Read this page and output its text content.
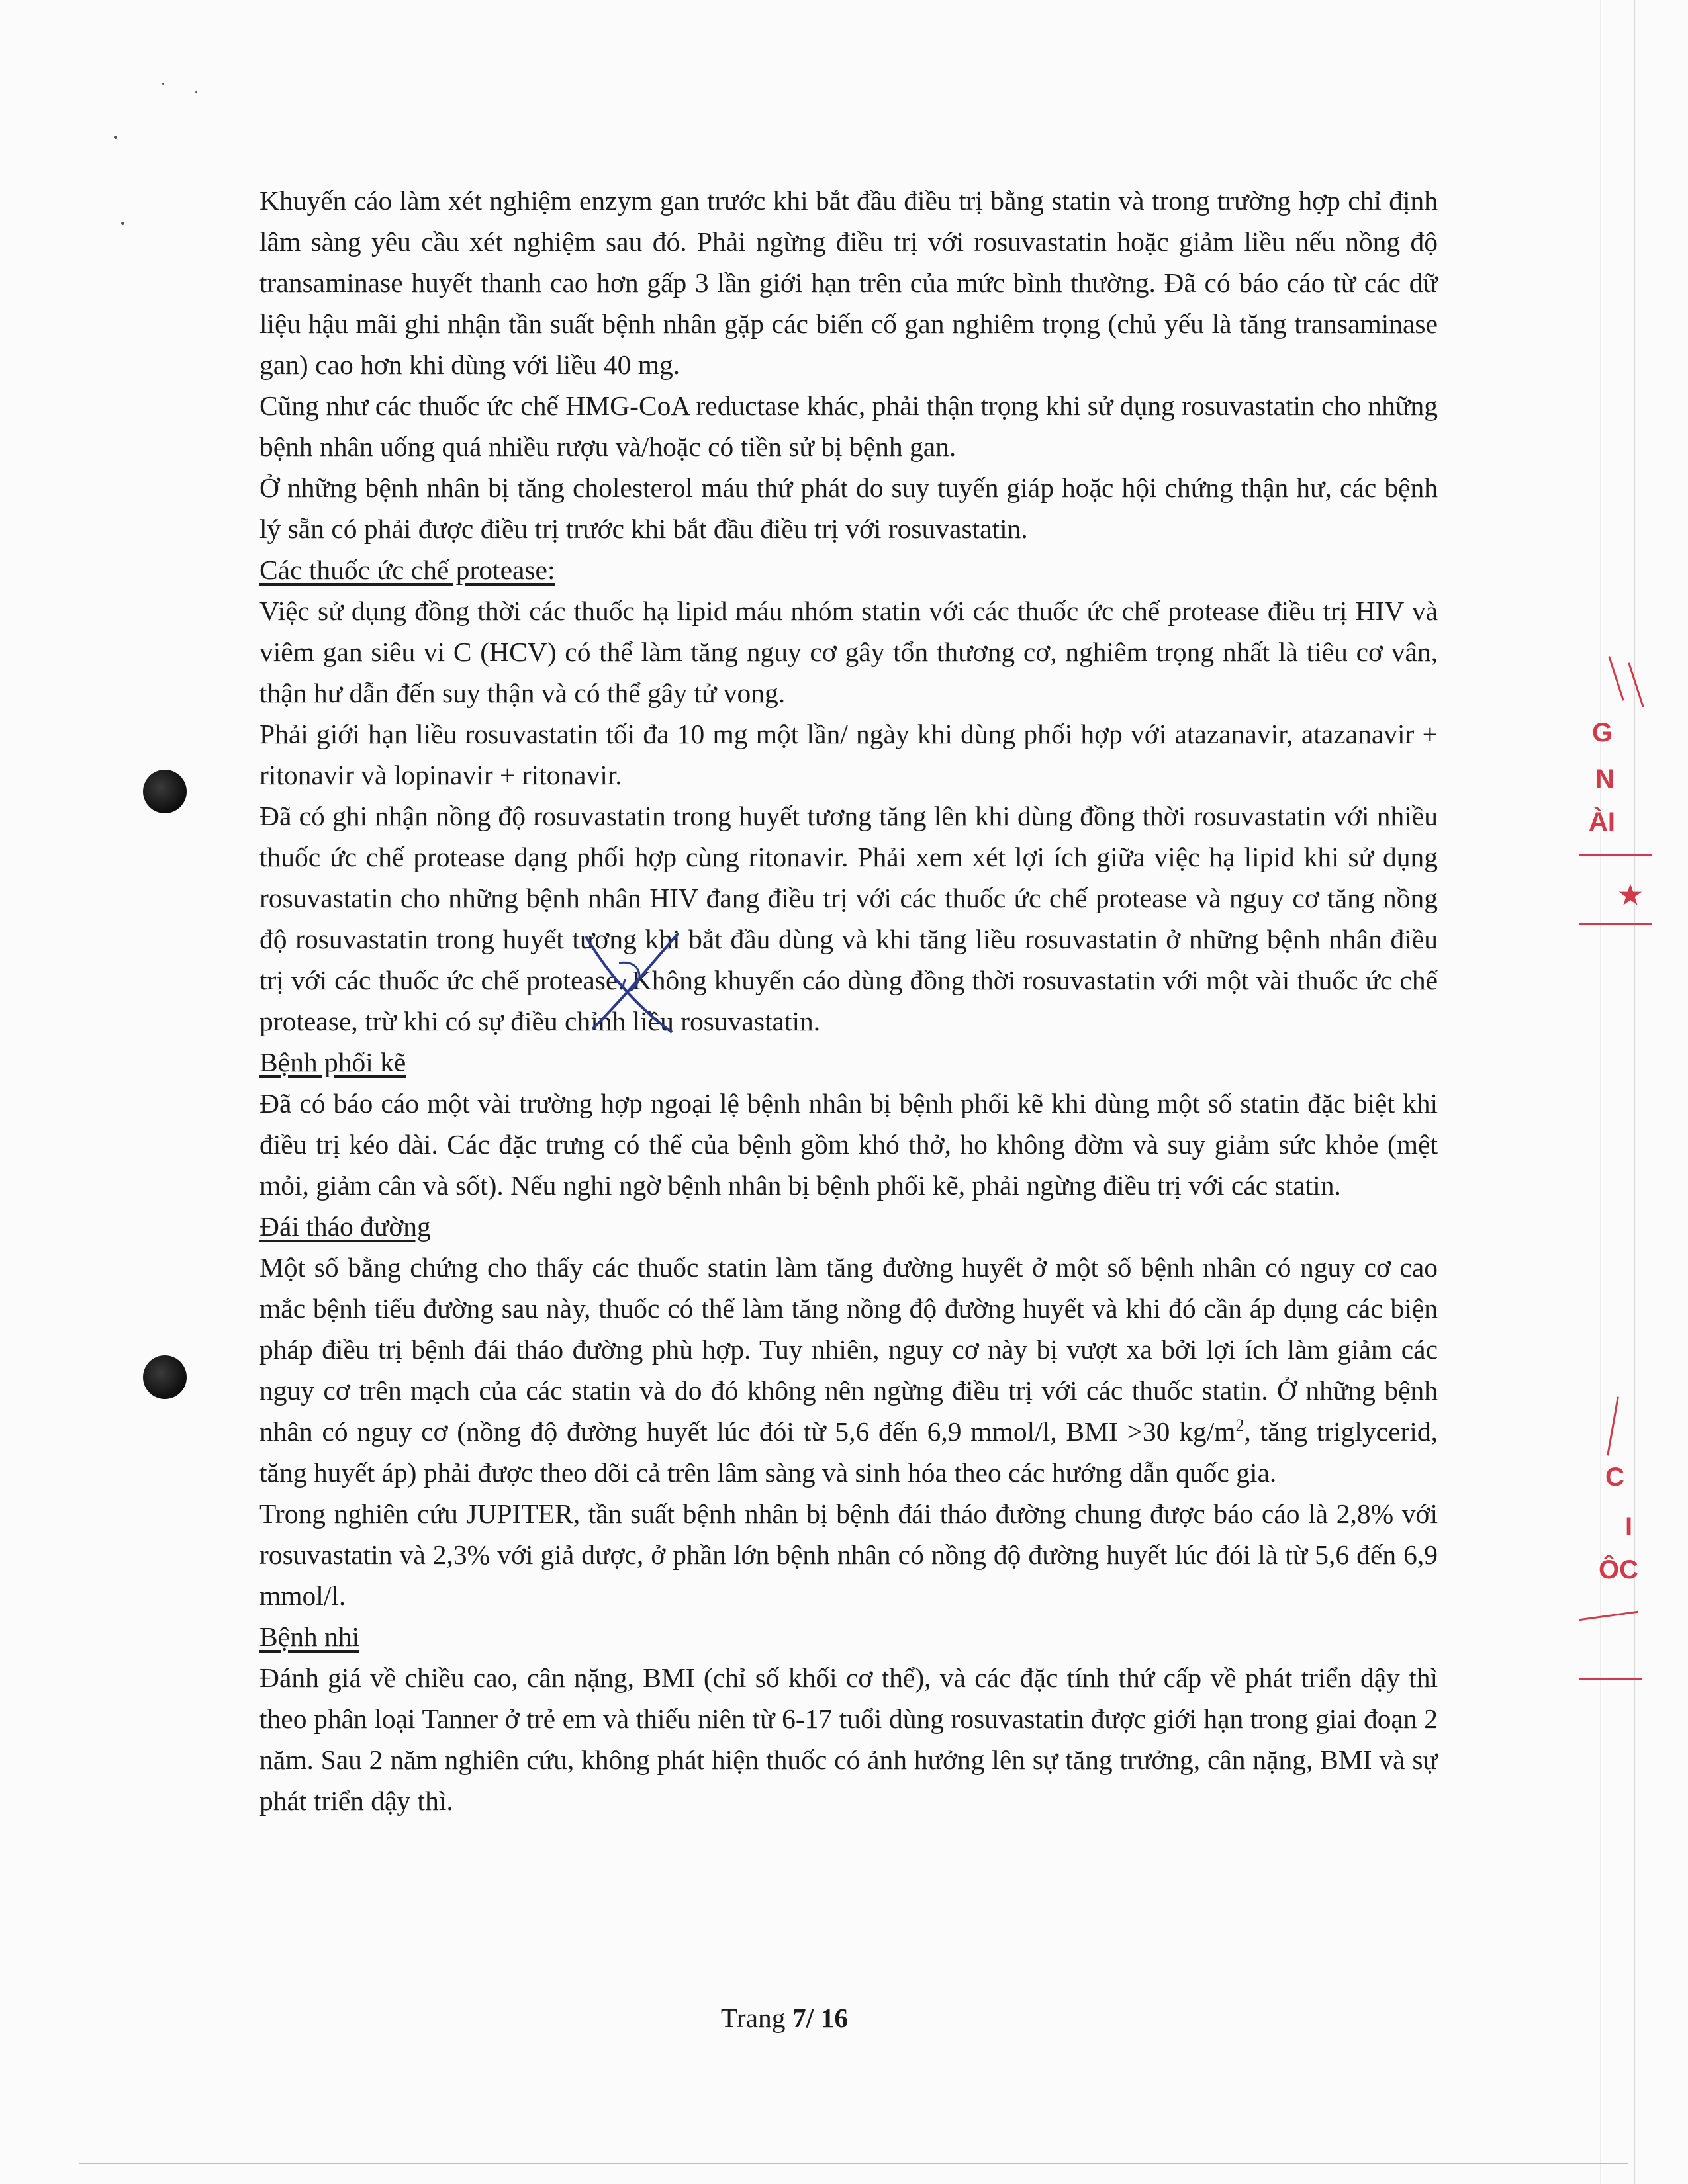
Khuyến cáo làm xét nghiệm enzym gan trước khi bắt đầu điều trị bằng statin và trong trường hợp chỉ định lâm sàng yêu cầu xét nghiệm sau đó. Phải ngừng điều trị với rosuvastatin hoặc giảm liều nếu nồng độ transaminase huyết thanh cao hơn gấp 3 lần giới hạn trên của mức bình thường. Đã có báo cáo từ các dữ liệu hậu mãi ghi nhận tần suất bệnh nhân gặp các biến cố gan nghiêm trọng (chủ yếu là tăng transaminase gan) cao hơn khi dùng với liều 40 mg.

Cũng như các thuốc ức chế HMG-CoA reductase khác, phải thận trọng khi sử dụng rosuvastatin cho những bệnh nhân uống quá nhiều rượu và/hoặc có tiền sử bị bệnh gan.

Ở những bệnh nhân bị tăng cholesterol máu thứ phát do suy tuyến giáp hoặc hội chứng thận hư, các bệnh lý sẵn có phải được điều trị trước khi bắt đầu điều trị với rosuvastatin.

Các thuốc ức chế protease:

Việc sử dụng đồng thời các thuốc hạ lipid máu nhóm statin với các thuốc ức chế protease điều trị HIV và viêm gan siêu vi C (HCV) có thể làm tăng nguy cơ gây tổn thương cơ, nghiêm trọng nhất là tiêu cơ vân, thận hư dẫn đến suy thận và có thể gây tử vong.

Phải giới hạn liều rosuvastatin tối đa 10 mg một lần/ ngày khi dùng phối hợp với atazanavir, atazanavir + ritonavir và lopinavir + ritonavir.

Đã có ghi nhận nồng độ rosuvastatin trong huyết tương tăng lên khi dùng đồng thời rosuvastatin với nhiều thuốc ức chế protease dạng phối hợp cùng ritonavir. Phải xem xét lợi ích giữa việc hạ lipid khi sử dụng rosuvastatin cho những bệnh nhân HIV đang điều trị với các thuốc ức chế protease và nguy cơ tăng nồng độ rosuvastatin trong huyết tương khi bắt đầu dùng và khi tăng liều rosuvastatin ở những bệnh nhân điều trị với các thuốc ức chế protease. Không khuyến cáo dùng đồng thời rosuvastatin với một vài thuốc ức chế protease, trừ khi có sự điều chỉnh liều rosuvastatin.

Bệnh phổi kẽ

Đã có báo cáo một vài trường hợp ngoại lệ bệnh nhân bị bệnh phổi kẽ khi dùng một số statin đặc biệt khi điều trị kéo dài. Các đặc trưng có thể của bệnh gồm khó thở, ho không đờm và suy giảm sức khỏe (mệt mỏi, giảm cân và sốt). Nếu nghi ngờ bệnh nhân bị bệnh phổi kẽ, phải ngừng điều trị với các statin.

Đái tháo đường

Một số bằng chứng cho thấy các thuốc statin làm tăng đường huyết ở một số bệnh nhân có nguy cơ cao mắc bệnh tiểu đường sau này, thuốc có thể làm tăng nồng độ đường huyết và khi đó cần áp dụng các biện pháp điều trị bệnh đái tháo đường phù hợp. Tuy nhiên, nguy cơ này bị vượt xa bởi lợi ích làm giảm các nguy cơ trên mạch của các statin và do đó không nên ngừng điều trị với các thuốc statin. Ở những bệnh nhân có nguy cơ (nồng độ đường huyết lúc đói từ 5,6 đến 6,9 mmol/l, BMI >30 $kg/m^2$, tăng triglycerid, tăng huyết áp) phải được theo dõi cả trên lâm sàng và sinh hóa theo các hướng dẫn quốc gia.

Trong nghiên cứu JUPITER, tần suất bệnh nhân bị bệnh đái tháo đường chung được báo cáo là 2,8% với rosuvastatin và 2,3% với giả dược, ở phần lớn bệnh nhân có nồng độ đường huyết lúc đói là từ 5,6 đến 6,9 mmol/l.

Bệnh nhi

Đánh giá về chiều cao, cân nặng, BMI (chỉ số khối cơ thể), và các đặc tính thứ cấp về phát triển dậy thì theo phân loại Tanner ở trẻ em và thiếu niên từ 6-17 tuổi dùng rosuvastatin được giới hạn trong giai đoạn 2 năm. Sau 2 năm nghiên cứu, không phát hiện thuốc có ảnh hưởng lên sự tăng trưởng, cân nặng, BMI và sự phát triển dậy thì.

Trang 7/ 16
G
N
ÀI
★
C
I
ÔC
